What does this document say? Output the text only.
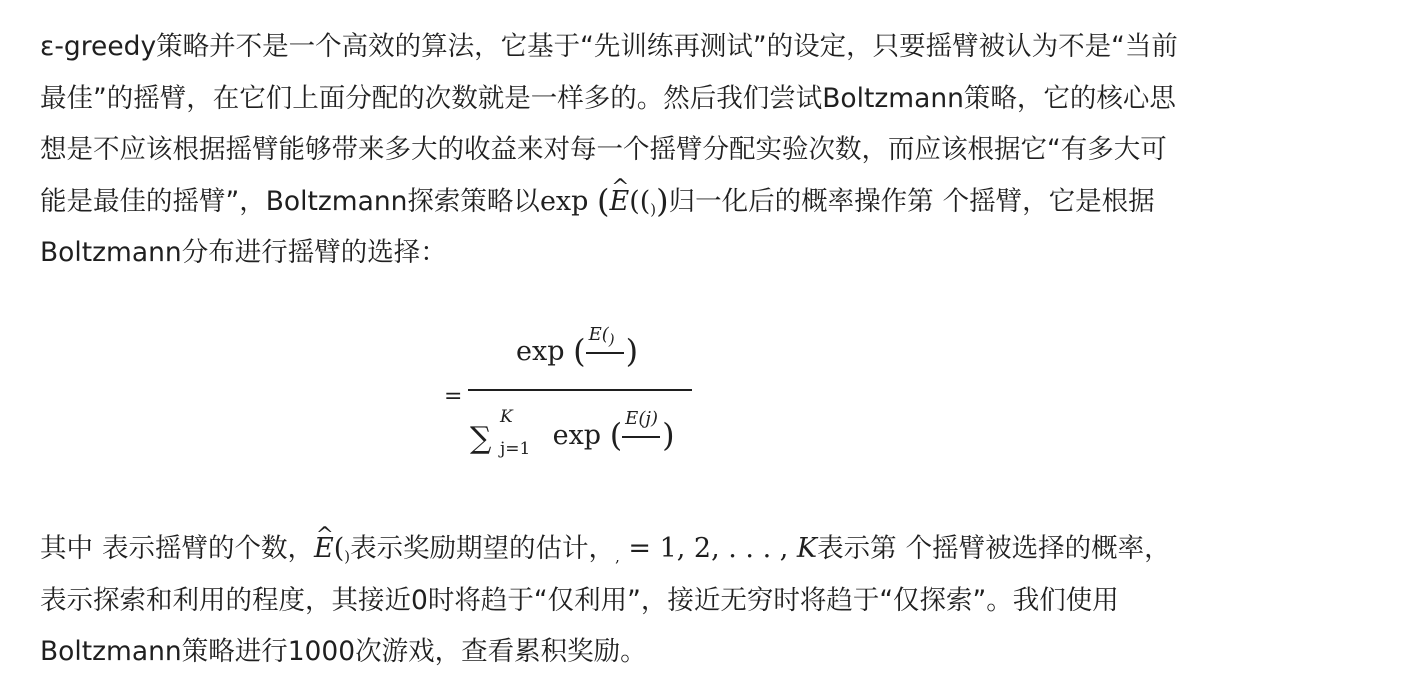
ε-greedy策略并不是一个高效的算法，它基于“先训练再测试”的设定，只要摇臂被认为不是“当前
最佳”的摇臂，在它们上面分配的次数就是一样多的。然后我们尝试Boltzmann策略，它的核心思
想是不应该根据摇臂能够带来多大的收益来对每一个摇臂分配实验次数，而应该根据它“有多大可
能是最佳的摇臂”，Boltzmann探索策略以exp (^ $E((_))$归一化后的概率操作第 个摇臂，它是根据
Boltzmann分布进行摇臂的选择：
=
exp ( $E(_)$ )
∑
K
j=1 exp ( E(j) )
其中 表示摇臂的个数，^ $E(_)$表示奖励期望的估计，$_,$ = 1, 2, . . . , K表示第 个摇臂被选择的概率，
表示探索和利用的程度，其接近0时将趋于“仅利用”，接近无穷时将趋于“仅探索”。我们使用
Boltzmann策略进行1000次游戏，查看累积奖励。
